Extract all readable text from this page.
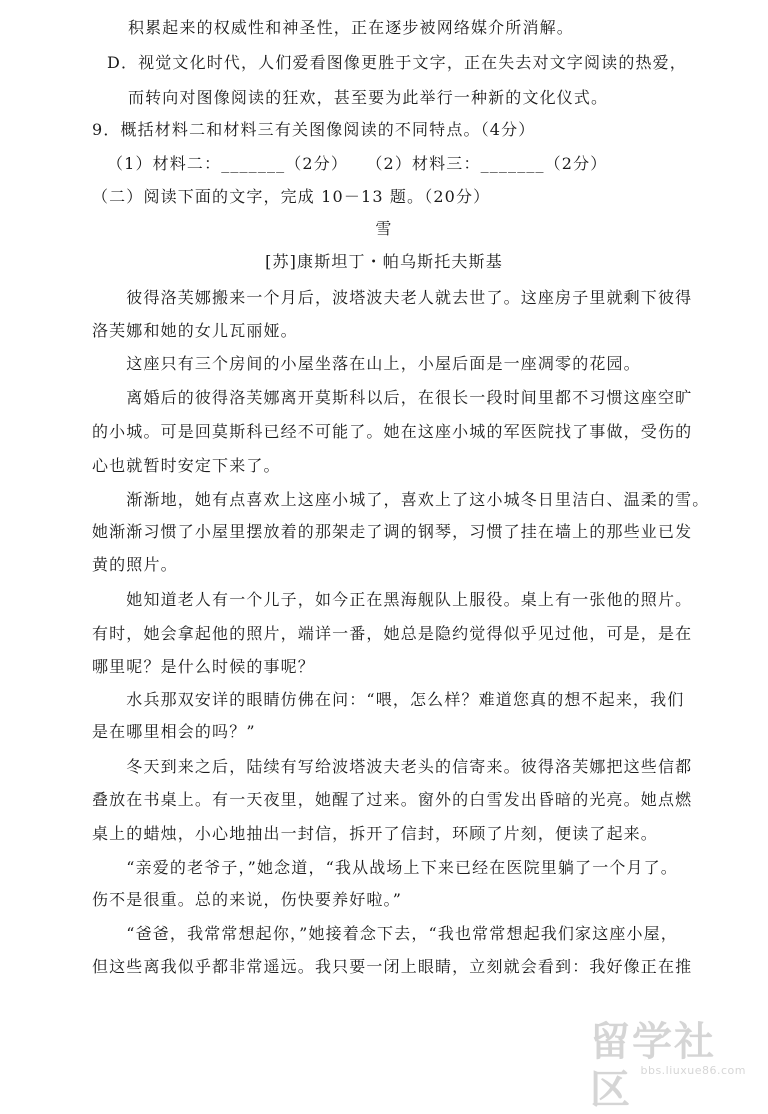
积累起来的权威性和神圣性，正在逐步被网络媒介所消解。
D．视觉文化时代，人们爱看图像更胜于文字，正在失去对文字阅读的热爱，
而转向对图像阅读的狂欢，甚至要为此举行一种新的文化仪式。
9．概括材料二和材料三有关图像阅读的不同特点。（4分）
（1）材料二：_______（2分）　　（2）材料三：_______（2分）
（二）阅读下面的文字，完成 10－13 题。（20分）
雪
[苏]康斯坦丁・帕乌斯托夫斯基
　　彼得洛芙娜搬来一个月后，波塔波夫老人就去世了。这座房子里就剩下彼得
洛芙娜和她的女儿瓦丽娅。
　　这座只有三个房间的小屋坐落在山上，小屋后面是一座凋零的花园。
　　离婚后的彼得洛芙娜离开莫斯科以后，在很长一段时间里都不习惯这座空旷
的小城。可是回莫斯科已经不可能了。她在这座小城的军医院找了事做，受伤的
心也就暂时安定下来了。
　　渐渐地，她有点喜欢上这座小城了，喜欢上了这小城冬日里洁白、温柔的雪。
她渐渐习惯了小屋里摆放着的那架走了调的钢琴，习惯了挂在墙上的那些业已发
黄的照片。
　　她知道老人有一个儿子，如今正在黑海舰队上服役。桌上有一张他的照片。
有时，她会拿起他的照片，端详一番，她总是隐约觉得似乎见过他，可是，是在
哪里呢？是什么时候的事呢？
　　水兵那双安详的眼睛仿佛在问：“喂，怎么样？难道您真的想不起来，我们
是在哪里相会的吗？”
　　冬天到来之后，陆续有写给波塔波夫老头的信寄来。彼得洛芙娜把这些信都
叠放在书桌上。有一天夜里，她醒了过来。窗外的白雪发出昏暗的光亮。她点燃
桌上的蜡烛，小心地抽出一封信，拆开了信封，环顾了片刻，便读了起来。
　　“亲爱的老爷子，”她念道，“我从战场上下来已经在医院里躺了一个月了。
伤不是很重。总的来说，伤快要养好啦。”
　　“爸爸，我常常想起你，”她接着念下去，“我也常常想起我们家这座小屋，
但这些离我似乎都非常遥远。我只要一闭上眼睛，立刻就会看到：我好像正在推
留学社区 bbs.liuxue86.com
